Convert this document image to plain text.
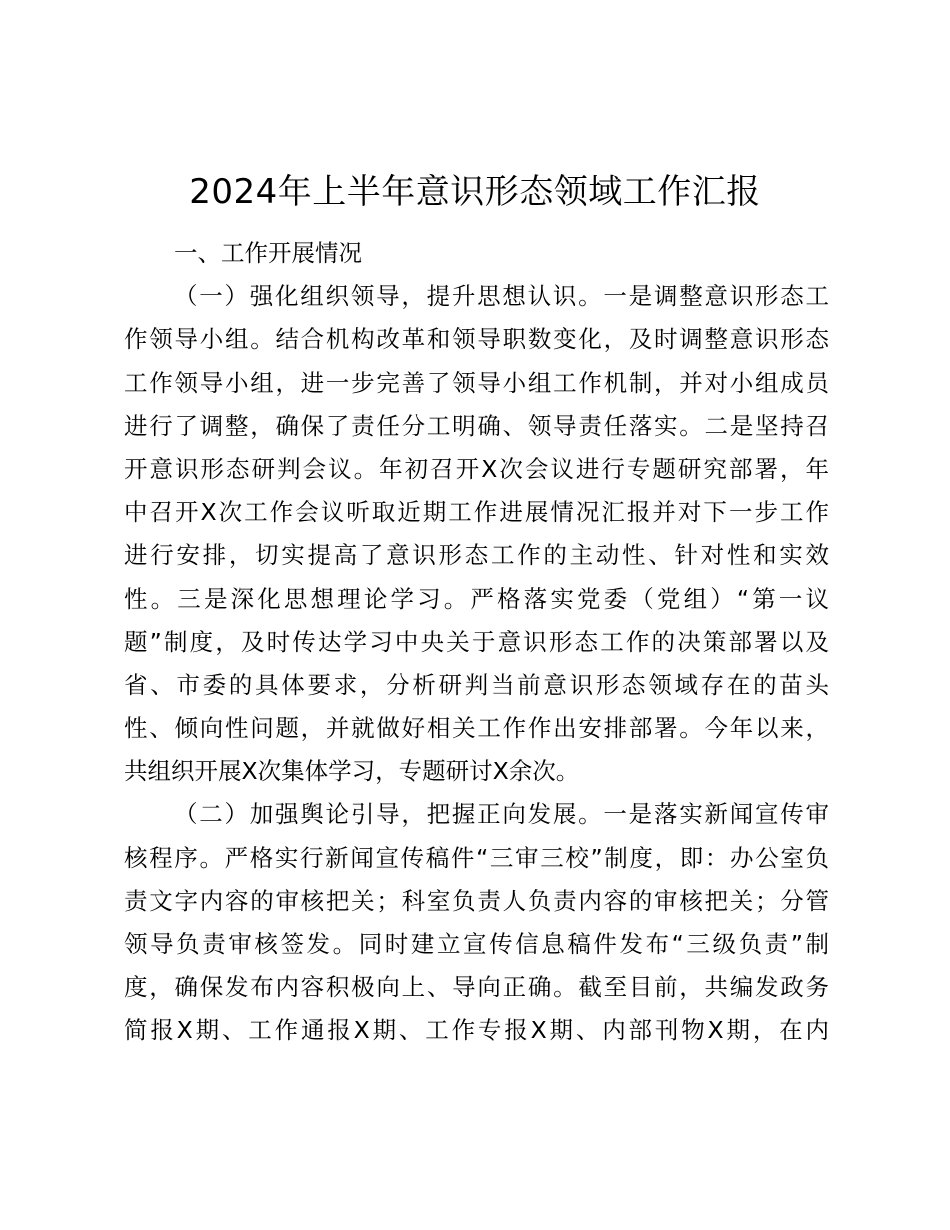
2024年上半年意识形态领域工作汇报
一、工作开展情况
（一）强化组织领导，提升思想认识。一是调整意识形态工
作领导小组。结合机构改革和领导职数变化，及时调整意识形态
工作领导小组，进一步完善了领导小组工作机制，并对小组成员
进行了调整，确保了责任分工明确、领导责任落实。二是坚持召
开意识形态研判会议。年初召开X次会议进行专题研究部署，年
中召开X次工作会议听取近期工作进展情况汇报并对下一步工作
进行安排，切实提高了意识形态工作的主动性、针对性和实效
性。三是深化思想理论学习。严格落实党委（党组）“第一议
题”制度，及时传达学习中央关于意识形态工作的决策部署以及
省、市委的具体要求，分析研判当前意识形态领域存在的苗头
性、倾向性问题，并就做好相关工作作出安排部署。今年以来，
共组织开展X次集体学习，专题研讨X余次。
（二）加强舆论引导，把握正向发展。一是落实新闻宣传审
核程序。严格实行新闻宣传稿件“三审三校”制度，即：办公室负
责文字内容的审核把关；科室负责人负责内容的审核把关；分管
领导负责审核签发。同时建立宣传信息稿件发布“三级负责”制
度，确保发布内容积极向上、导向正确。截至目前，共编发政务
简报X期、工作通报X期、工作专报X期、内部刊物X期，在内
